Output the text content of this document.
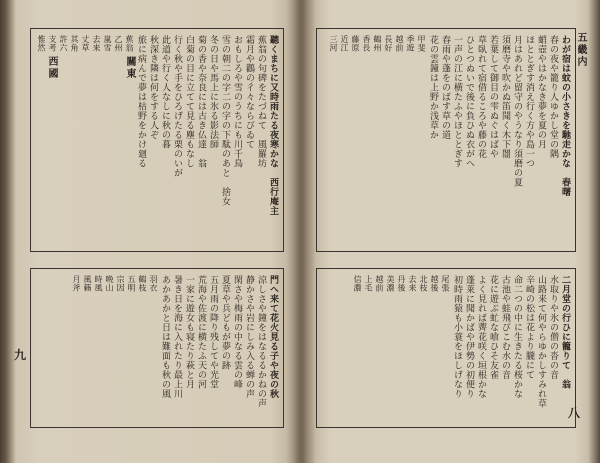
わが宿は蚊の小さきを馳走かな　春曙
春の夜や籠り人ゆかし堂の隅
蛸壺やはかなき夢を夏の月
ほととぎす消え行く方や島一つ
月はあれど留守のやうなり須磨の夏
須磨寺や吹かぬ笛聞く木下闇
若葉して御目の雫ぬぐはばや
草臥れて宿借るころや藤の花
ひとつぬいで後に負ひぬ衣がへ
一声の江に横たふやほととぎす
春雨や蓬をのばす草の道
花の雲鐘は上野か浅草か
甲斐
季遊
越前
長好
鶴州
香長
藤原
近江
三河
二月堂の行ひに籠りて　翁
水取りや氷の僧の沓の音
山路来て何やらゆかしすみれ草
辛崎の松は花より朧にて
命二つの中に生きたる桜かな
古池や蛙飛びこむ水の音
花に遊ぶ虻な喰ひそ友雀
よく見れば薺花咲く垣根かな
蓬莱に聞かばや伊勢の初便り
初時雨猿も小蓑をほしげなり
尾張
越後
北枝
去来
丹後
美濃
越前
上毛
信濃
五畿内
八
聽くまちに又時雨たる夜寒かな　西行庵主
蕉翁の句碑をたづねて　風羅坊
霜月や鸛の彳々ならびゐて
おもしろや雪のうちにも川千鳥
雪の朝二の字二の字の下駄のあと　捨女
冬の日や馬上に氷る影法師
菊の香や奈良には古き仏達　翁
白菊の目に立てて見る塵もなし
行く秋や手をひろげたる栗のいが
此道や行く人なしに秋の暮
秋深き隣は何をする人ぞ
旅に病んで夢は枯野をかけ廻る
蕉翁
乙州
嵐雪
去来
丈草
其角
許六
支考
惟然
門へ来て花火見る子や夜の秋
涼しさや鐘をはなるるかねの声
静かさや岩にしみ入る蝉の声
閑さや梅雨の中なる雲の峰
夏草や兵どもが夢の跡
五月雨の降り残してや光堂
荒海や佐渡に横たふ天の河
一家に遊女も寝たり萩と月
暑き日を海に入れたり最上川
あかあかと日は難面も秋の風
羽衣
鶴枝
五明
宗因
晩山
時風
風籟
月斧
關東
西國
九
